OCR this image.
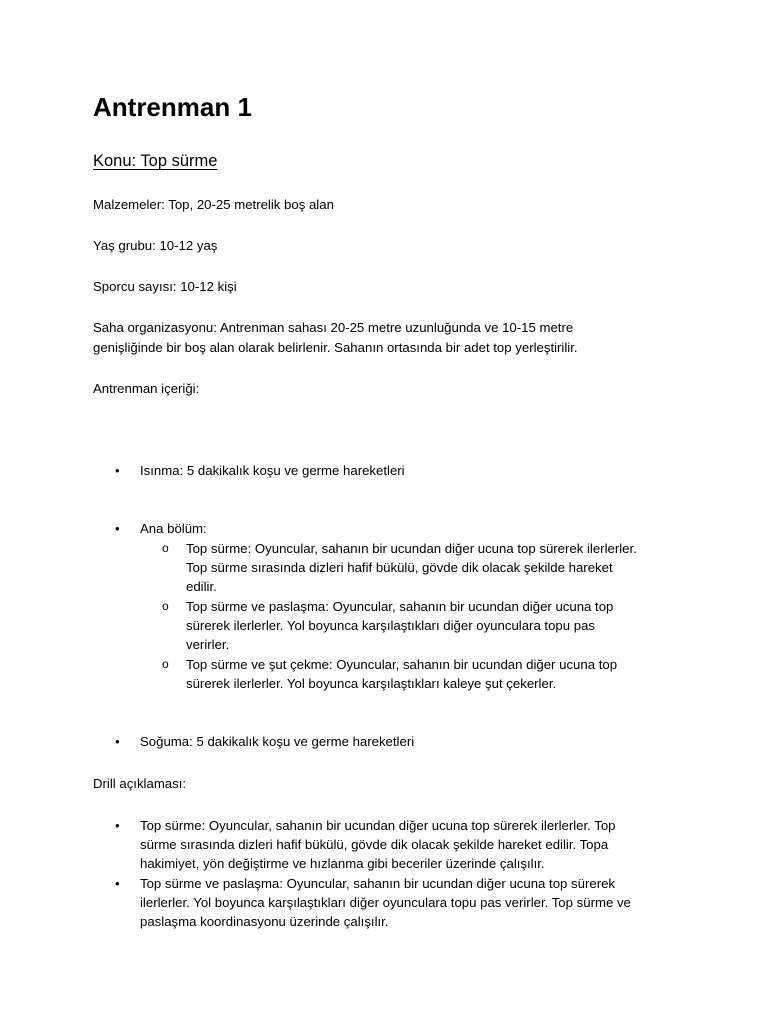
Antrenman 1
Konu: Top sürme
Malzemeler: Top, 20-25 metrelik boş alan
Yaş grubu: 10-12 yaş
Sporcu sayısı: 10-12 kişi
Saha organizasyonu: Antrenman sahası 20-25 metre uzunluğunda ve 10-15 metre
genişliğinde bir boş alan olarak belirlenir. Sahanın ortasında bir adet top yerleştirilir.
Antrenman içeriği:
• Isınma: 5 dakikalık koşu ve germe hareketleri
• Ana bölüm:
o Top sürme: Oyuncular, sahanın bir ucundan diğer ucuna top sürerek ilerlerler.
Top sürme sırasında dizleri hafif bükülü, gövde dik olacak şekilde hareket
edilir.
o Top sürme ve paslaşma: Oyuncular, sahanın bir ucundan diğer ucuna top
sürerek ilerlerler. Yol boyunca karşılaştıkları diğer oyunculara topu pas
verirler.
o Top sürme ve şut çekme: Oyuncular, sahanın bir ucundan diğer ucuna top
sürerek ilerlerler. Yol boyunca karşılaştıkları kaleye şut çekerler.
• Soğuma: 5 dakikalık koşu ve germe hareketleri
Drill açıklaması:
• Top sürme: Oyuncular, sahanın bir ucundan diğer ucuna top sürerek ilerlerler. Top
sürme sırasında dizleri hafif bükülü, gövde dik olacak şekilde hareket edilir. Topa
hakimiyet, yön değiştirme ve hızlanma gibi beceriler üzerinde çalışılır.
• Top sürme ve paslaşma: Oyuncular, sahanın bir ucundan diğer ucuna top sürerek
ilerlerler. Yol boyunca karşılaştıkları diğer oyunculara topu pas verirler. Top sürme ve
paslaşma koordinasyonu üzerinde çalışılır.
